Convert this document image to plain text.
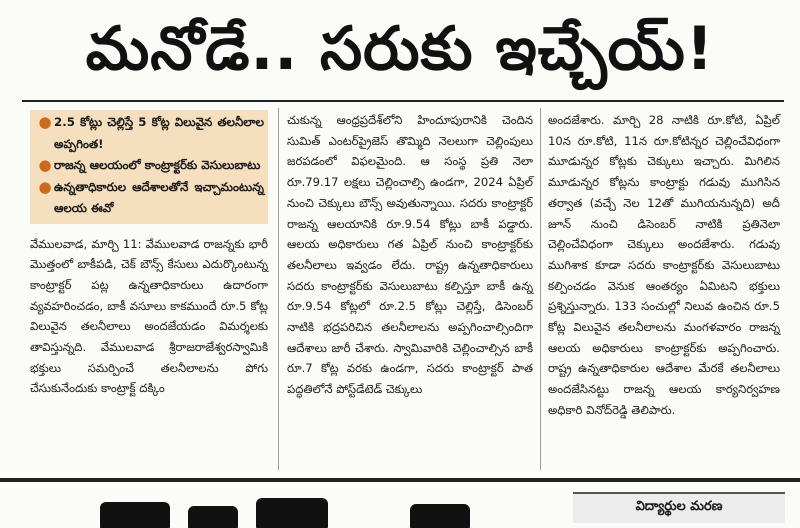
మనోడే.. సరుకు ఇచ్చేయ్!
● 2.5 కోట్లు చెల్లిస్తే 5 కోట్ల విలువైన తలనీలాల అప్పగింత!
● రాజన్న ఆలయంలో కాంట్రాక్టర్‌కు వెసులుబాటు
● ఉన్నతాధికారుల ఆదేశాలతోనే ఇచ్చామంటున్న ఆలయ ఈవో

వేములవాడ, మార్చి 11: వేములవాడ రాజన్నకు భారీ మొత్తంలో బాకీపడి, చెక్ బౌన్స్ కేసులు ఎదుర్కొంటున్న కాంట్రాక్టర్ పట్ల ఉన్నతాధికారులు ఉదారంగా వ్యవహరించడం, బాకీ వసూలు కాకముందే రూ.5 కోట్ల విలువైన తలనీలాలు అందజేయడం విమర్శలకు తావిస్తున్నది. వేములవాడ శ్రీరాజరాజేశ్వరస్వామికి భక్తులు సమర్పించే తలనీలాలను పోగు చేసుకునేందుకు కాంట్రాక్ట్ దక్కిం

చుకున్న ఆంధ్రప్రదేశ్‌లోని హిందూపురానికి చెందిన సుమిత్ ఎంటర్‌ప్రైజెస్ తొమ్మిది నెలలుగా చెల్లింపులు జరపడంలో విఫలమైంది. ఆ సంస్థ ప్రతి నెలా రూ.79.17 లక్షలు చెల్లించాల్సి ఉండగా, 2024 ఏప్రిల్ నుంచి చెక్కులు బౌన్స్ అవుతున్నాయి. సదరు కాంట్రాక్టర్ రాజన్న ఆలయానికి రూ.9.54 కోట్లు బాకీ పడ్డారు. ఆలయ అధికారులు గత ఏప్రిల్ నుంచి కాంట్రాక్టర్‌కు తలనీలాలు ఇవ్వడం లేదు. రాష్ట్ర ఉన్నతాధికారులు సదరు కాంట్రాక్టర్‌కు వెసులుబాటు కల్పిస్తూ బాకీ ఉన్న రూ.9.54 కోట్లలో రూ.2.5 కోట్లు చెల్లిస్తే, డిసెంబర్ నాటికి భద్రపరిచిన తలనీలాలను అప్పగించాల్సిందిగా ఆదేశాలు జారీ చేశారు. స్వామివారికి చెల్లించాల్సిన బాకీ రూ.7 కోట్ల వరకు ఉండగా, సదరు కాంట్రాక్టర్ పాత పద్ధతిలోనే పోస్ట్‌డేటెడ్ చెక్కులు

అందజేశారు. మార్చి 28 నాటికి రూ.కోటి, ఏప్రిల్ 10న రూ.కోటి, 11న రూ.కోటిన్నర చెల్లించేవిధంగా మూడున్నర కోట్లకు చెక్కులు ఇచ్చారు. మిగిలిన మూడున్నర కోట్లను కాంట్రాక్టు గడువు ముగిసిన తర్వాత (వచ్చే నెల 12తో ముగియనున్నది) అదీ జూన్ నుంచి డిసెంబర్ నాటికి ప్రతినెలా చెల్లించేవిధంగా చెక్కులు అందజేశారు. గడువు ముగిశాక కూడా సదరు కాంట్రాక్టర్‌కు వెసులుబాటు కల్పించడం వెనుక ఆంతర్యం ఏమిటని భక్తులు ప్రశ్నిస్తున్నారు. 133 సంచుల్లో నిలువ ఉంచిన రూ.5 కోట్ల విలువైన తలనీలాలను మంగళవారం రాజన్న ఆలయ అధికారులు కాంట్రాక్టర్‌కు అప్పగించారు. రాష్ట్ర ఉన్నతాధికారుల ఆదేశాల మేరకే తలనీలాలు అందజేసినట్టు రాజన్న ఆలయ కార్యనిర్వహణ అధికారి వినోద్‌రెడ్డి తెలిపారు.

విద్యార్థుల మరణ
